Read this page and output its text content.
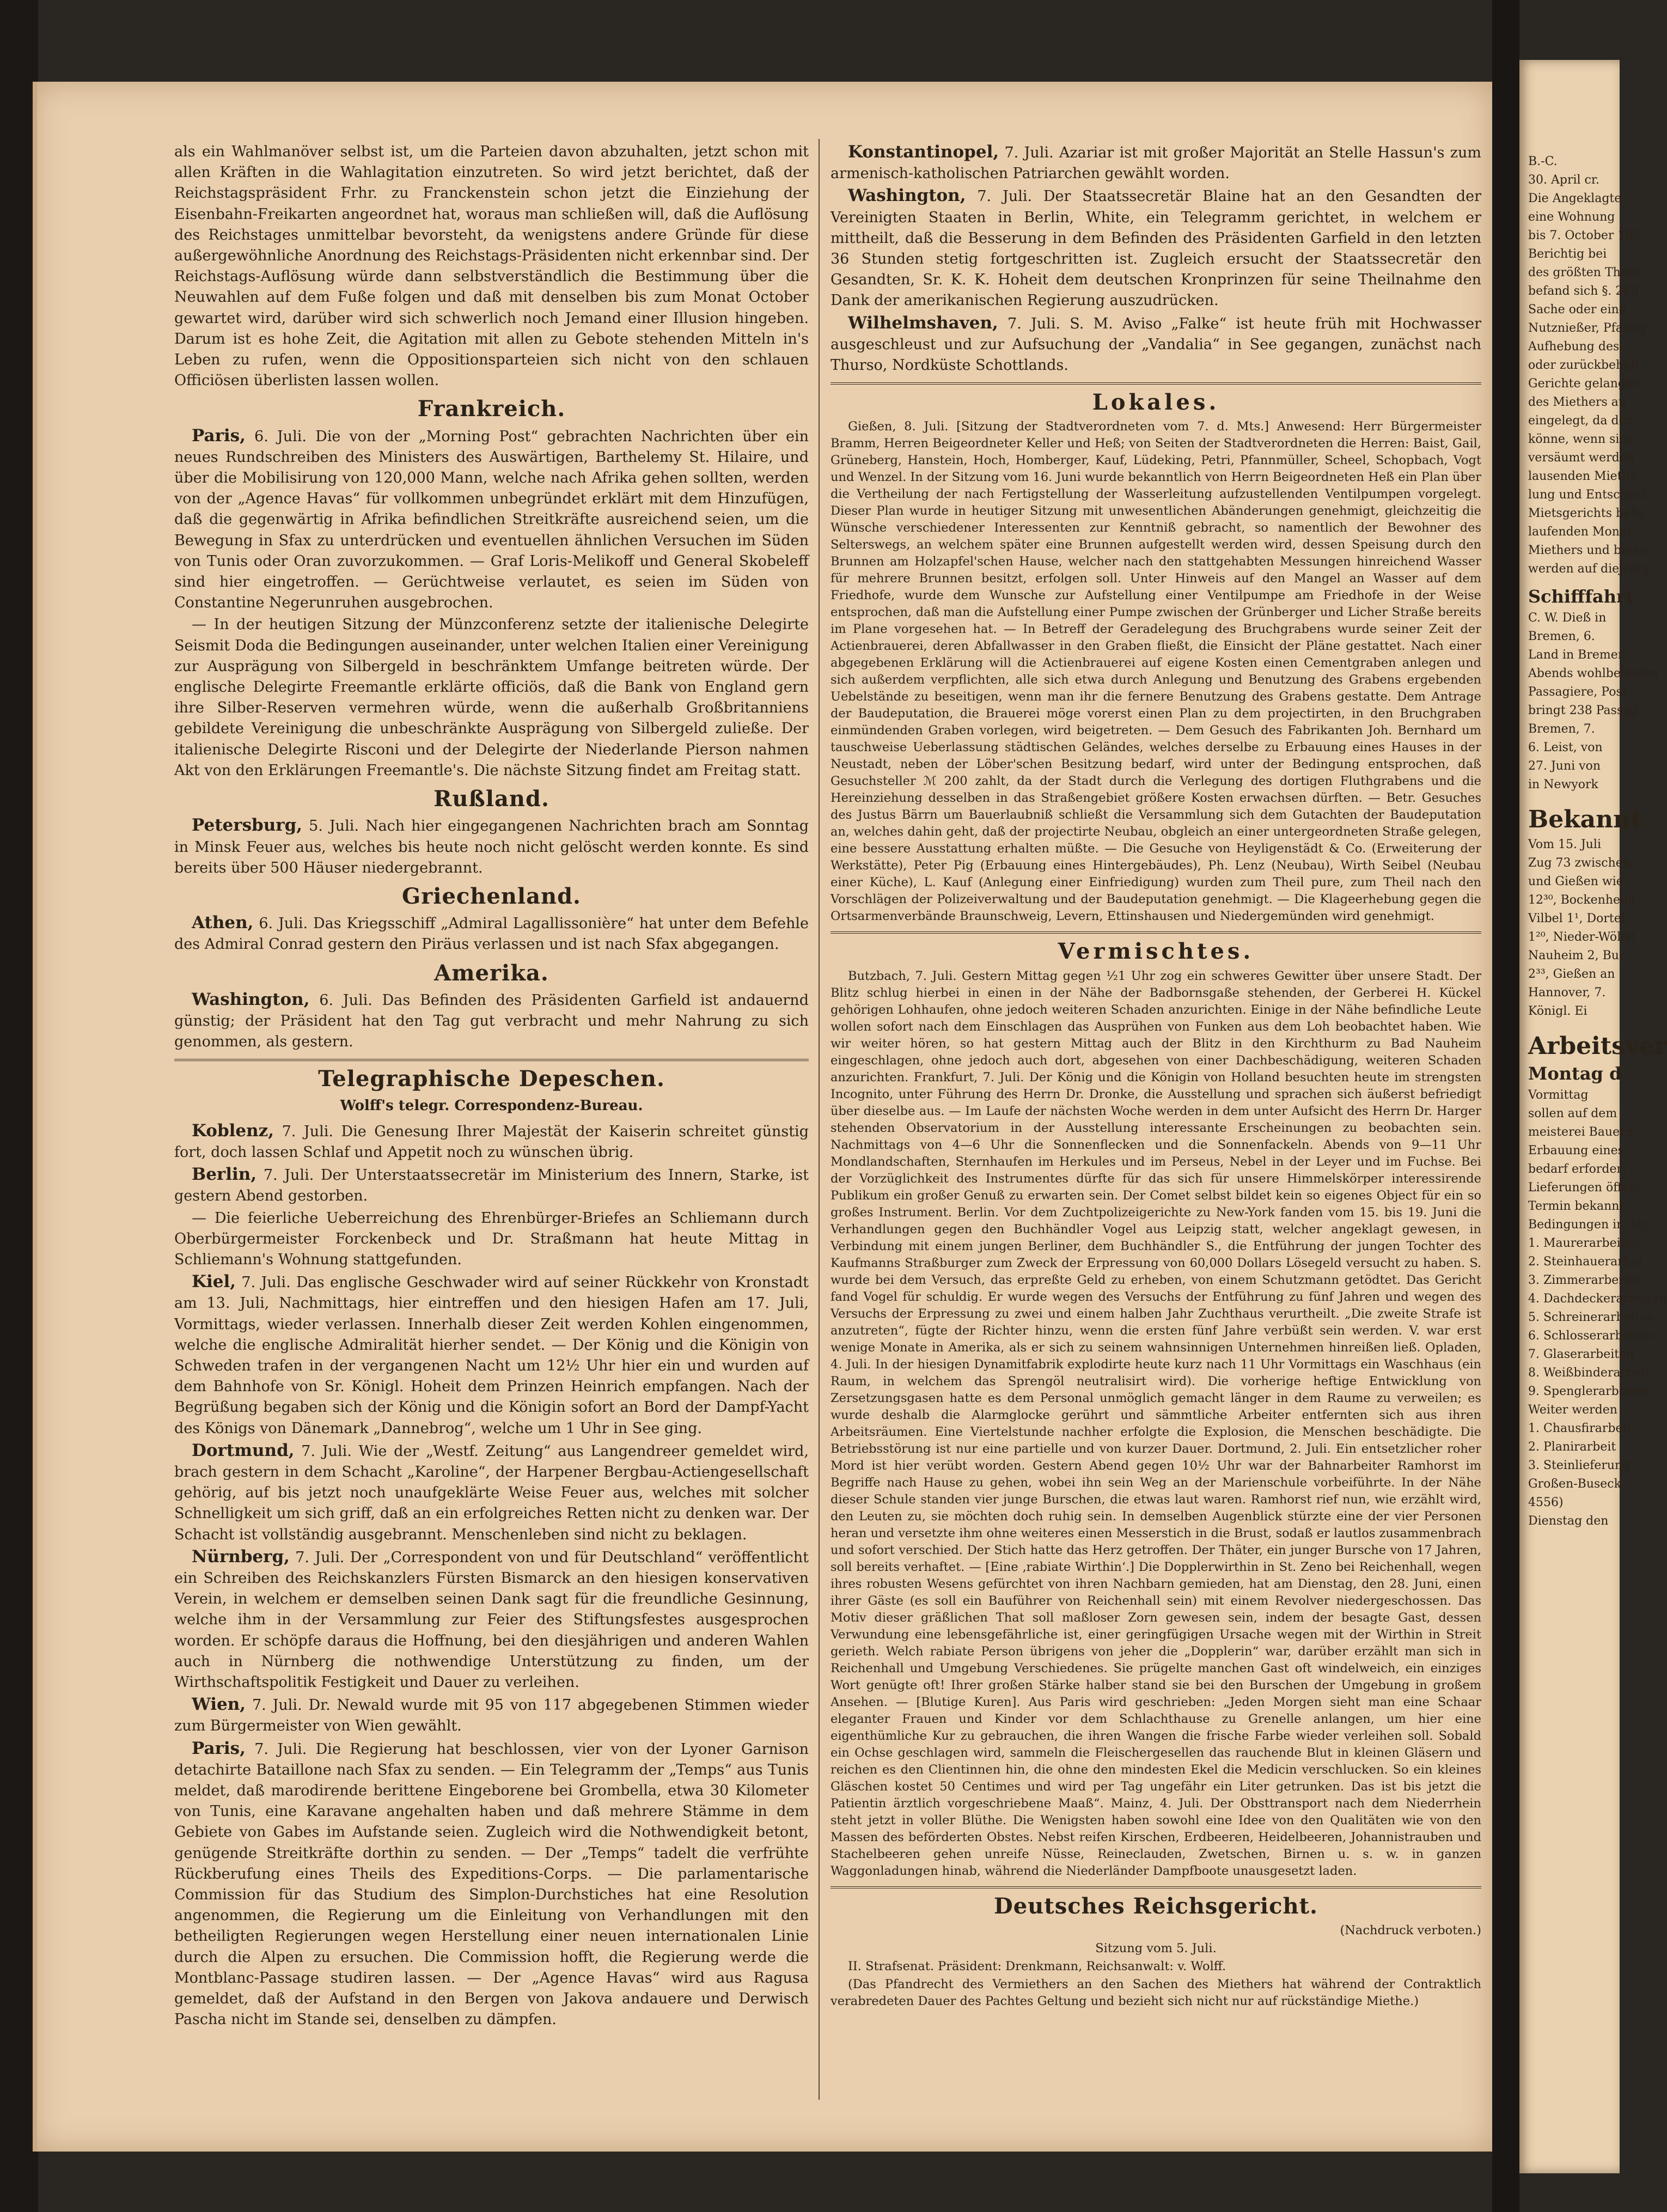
als ein Wahlmanöver selbst ist, um die Parteien davon abzuhalten, jetzt schon mit allen Kräften in die Wahlagitation einzutreten. So wird jetzt berichtet, daß der Reichstagspräsident Frhr. zu Franckenstein schon jetzt die Einziehung der Eisenbahn-Freikarten angeordnet hat, woraus man schließen will, daß die Auflösung des Reichstages unmittelbar bevorsteht, da wenigstens andere Gründe für diese außergewöhnliche Anordnung des Reichstags-Präsidenten nicht erkennbar sind. Der Reichstags-Auflösung würde dann selbstverständlich die Bestimmung über die Neuwahlen auf dem Fuße folgen und daß mit denselben bis zum Monat October gewartet wird, darüber wird sich schwerlich noch Jemand einer Illusion hingeben. Darum ist es hohe Zeit, die Agitation mit allen zu Gebote stehenden Mitteln in's Leben zu rufen, wenn die Oppositionsparteien sich nicht von den schlauen Officiösen überlisten lassen wollen.

Frankreich.

Paris, 6. Juli. Die von der „Morning Post“ gebrachten Nachrichten über ein neues Rundschreiben des Ministers des Auswärtigen, Barthelemy St. Hilaire, und über die Mobilisirung von 120,000 Mann, welche nach Afrika gehen sollten, werden von der „Agence Havas“ für vollkommen unbegründet erklärt mit dem Hinzufügen, daß die gegenwärtig in Afrika befindlichen Streitkräfte ausreichend seien, um die Bewegung in Sfax zu unterdrücken und eventuellen ähnlichen Versuchen im Süden von Tunis oder Oran zuvorzukommen. — Graf Loris-Melikoff und General Skobeleff sind hier eingetroffen. — Gerüchtweise verlautet, es seien im Süden von Constantine Negerunruhen ausgebrochen.

— In der heutigen Sitzung der Münzconferenz setzte der italienische Delegirte Seismit Doda die Bedingungen auseinander, unter welchen Italien einer Vereinigung zur Ausprägung von Silbergeld in beschränktem Umfange beitreten würde. Der englische Delegirte Freemantle erklärte officiös, daß die Bank von England gern ihre Silber-Reserven vermehren würde, wenn die außerhalb Großbritanniens gebildete Vereinigung die unbeschränkte Ausprägung von Silbergeld zuließe. Der italienische Delegirte Risconi und der Delegirte der Niederlande Pierson nahmen Akt von den Erklärungen Freemantle's. Die nächste Sitzung findet am Freitag statt.

Rußland.

Petersburg, 5. Juli. Nach hier eingegangenen Nachrichten brach am Sonntag in Minsk Feuer aus, welches bis heute noch nicht gelöscht werden konnte. Es sind bereits über 500 Häuser niedergebrannt.

Griechenland.

Athen, 6. Juli. Das Kriegsschiff „Admiral Lagallissonière“ hat unter dem Befehle des Admiral Conrad gestern den Piräus verlassen und ist nach Sfax abgegangen.

Amerika.

Washington, 6. Juli. Das Befinden des Präsidenten Garfield ist andauernd günstig; der Präsident hat den Tag gut verbracht und mehr Nahrung zu sich genommen, als gestern.

Telegraphische Depeschen.
Wolff's telegr. Correspondenz-Bureau.

Koblenz, 7. Juli. Die Genesung Ihrer Majestät der Kaiserin schreitet günstig fort, doch lassen Schlaf und Appetit noch zu wünschen übrig.

Berlin, 7. Juli. Der Unterstaatssecretär im Ministerium des Innern, Starke, ist gestern Abend gestorben.

— Die feierliche Ueberreichung des Ehrenbürger-Briefes an Schliemann durch Oberbürgermeister Forckenbeck und Dr. Straßmann hat heute Mittag in Schliemann's Wohnung stattgefunden.

Kiel, 7. Juli. Das englische Geschwader wird auf seiner Rückkehr von Kronstadt am 13. Juli, Nachmittags, hier eintreffen und den hiesigen Hafen am 17. Juli, Vormittags, wieder verlassen. Innerhalb dieser Zeit werden Kohlen eingenommen, welche die englische Admiralität hierher sendet. — Der König und die Königin von Schweden trafen in der vergangenen Nacht um 12½ Uhr hier ein und wurden auf dem Bahnhofe von Sr. Königl. Hoheit dem Prinzen Heinrich empfangen. Nach der Begrüßung begaben sich der König und die Königin sofort an Bord der Dampf-Yacht des Königs von Dänemark „Dannebrog“, welche um 1 Uhr in See ging.

Dortmund, 7. Juli. Wie der „Westf. Zeitung“ aus Langendreer gemeldet wird, brach gestern in dem Schacht „Karoline“, der Harpener Bergbau-Actiengesellschaft gehörig, auf bis jetzt noch unaufgeklärte Weise Feuer aus, welches mit solcher Schnelligkeit um sich griff, daß an ein erfolgreiches Retten nicht zu denken war. Der Schacht ist vollständig ausgebrannt. Menschenleben sind nicht zu beklagen.

Nürnberg, 7. Juli. Der „Correspondent von und für Deutschland“ veröffentlicht ein Schreiben des Reichskanzlers Fürsten Bismarck an den hiesigen konservativen Verein, in welchem er demselben seinen Dank sagt für die freundliche Gesinnung, welche ihm in der Versammlung zur Feier des Stiftungsfestes ausgesprochen worden. Er schöpfe daraus die Hoffnung, bei den diesjährigen und anderen Wahlen auch in Nürnberg die nothwendige Unterstützung zu finden, um der Wirthschaftspolitik Festigkeit und Dauer zu verleihen.

Wien, 7. Juli. Dr. Newald wurde mit 95 von 117 abgegebenen Stimmen wieder zum Bürgermeister von Wien gewählt.

Paris, 7. Juli. Die Regierung hat beschlossen, vier von der Lyoner Garnison detachirte Bataillone nach Sfax zu senden. — Ein Telegramm der „Temps“ aus Tunis meldet, daß marodirende berittene Eingeborene bei Grombella, etwa 30 Kilometer von Tunis, eine Karavane angehalten haben und daß mehrere Stämme in dem Gebiete von Gabes im Aufstande seien. Zugleich wird die Nothwendigkeit betont, genügende Streitkräfte dorthin zu senden. — Der „Temps“ tadelt die verfrühte Rückberufung eines Theils des Expeditions-Corps. — Die parlamentarische Commission für das Studium des Simplon-Durchstiches hat eine Resolution angenommen, die Regierung um die Einleitung von Verhandlungen mit den betheiligten Regierungen wegen Herstellung einer neuen internationalen Linie durch die Alpen zu ersuchen. Die Commission hofft, die Regierung werde die Montblanc-Passage studiren lassen. — Der „Agence Havas“ wird aus Ragusa gemeldet, daß der Aufstand in den Bergen von Jakova andauere und Derwisch Pascha nicht im Stande sei, denselben zu dämpfen.

Konstantinopel, 7. Juli. Azariar ist mit großer Majorität an Stelle Hassun's zum armenisch-katholischen Patriarchen gewählt worden.

Washington, 7. Juli. Der Staatssecretär Blaine hat an den Gesandten der Vereinigten Staaten in Berlin, White, ein Telegramm gerichtet, in welchem er mittheilt, daß die Besserung in dem Befinden des Präsidenten Garfield in den letzten 36 Stunden stetig fortgeschritten ist. Zugleich ersucht der Staatssecretär den Gesandten, Sr. K. K. Hoheit dem deutschen Kronprinzen für seine Theilnahme den Dank der amerikanischen Regierung auszudrücken.

Wilhelmshaven, 7. Juli. S. M. Aviso „Falke“ ist heute früh mit Hochwasser ausgeschleust und zur Aufsuchung der „Vandalia“ in See gegangen, zunächst nach Thurso, Nordküste Schottlands.

Lokales.

Gießen, 8. Juli. [Sitzung der Stadtverordneten vom 7. d. Mts.] Anwesend: Herr Bürgermeister Bramm, Herren Beigeordneter Keller und Heß; von Seiten der Stadtverordneten die Herren: Baist, Gail, Grüneberg, Hanstein, Hoch, Homberger, Kauf, Lüdeking, Petri, Pfannmüller, Scheel, Schopbach, Vogt und Wenzel. In der Sitzung vom 16. Juni wurde bekanntlich von Herrn Beigeordneten Heß ein Plan über die Vertheilung der nach Fertigstellung der Wasserleitung aufzustellenden Ventilpumpen vorgelegt. Dieser Plan wurde in heutiger Sitzung mit unwesentlichen Abänderungen genehmigt, gleichzeitig die Wünsche verschiedener Interessenten zur Kenntniß gebracht, so namentlich der Bewohner des Selterswegs, an welchem später eine Brunnen aufgestellt werden wird, dessen Speisung durch den Brunnen am Holzapfel'schen Hause, welcher nach den stattgehabten Messungen hinreichend Wasser für mehrere Brunnen besitzt, erfolgen soll. Unter Hinweis auf den Mangel an Wasser auf dem Friedhofe, wurde dem Wunsche zur Aufstellung einer Ventilpumpe am Friedhofe in der Weise entsprochen, daß man die Aufstellung einer Pumpe zwischen der Grünberger und Licher Straße bereits im Plane vorgesehen hat. — In Betreff der Geradelegung des Bruchgrabens wurde seiner Zeit der Actienbrauerei, deren Abfallwasser in den Graben fließt, die Einsicht der Pläne gestattet. Nach einer abgegebenen Erklärung will die Actienbrauerei auf eigene Kosten einen Cementgraben anlegen und sich außerdem verpflichten, alle sich etwa durch Anlegung und Benutzung des Grabens ergebenden Uebelstände zu beseitigen, wenn man ihr die fernere Benutzung des Grabens gestatte. Dem Antrage der Baudeputation, die Brauerei möge vorerst einen Plan zu dem projectirten, in den Bruchgraben einmündenden Graben vorlegen, wird beigetreten. — Dem Gesuch des Fabrikanten Joh. Bernhard um tauschweise Ueberlassung städtischen Geländes, welches derselbe zu Erbauung eines Hauses in der Neustadt, neben der Löber'schen Besitzung bedarf, wird unter der Bedingung entsprochen, daß Gesuchsteller ℳ 200 zahlt, da der Stadt durch die Verlegung des dortigen Fluthgrabens und die Hereinziehung desselben in das Straßengebiet größere Kosten erwachsen dürften. — Betr. Gesuches des Justus Bärrn um Bauerlaubniß schließt die Versammlung sich dem Gutachten der Baudeputation an, welches dahin geht, daß der projectirte Neubau, obgleich an einer untergeordneten Straße gelegen, eine bessere Ausstattung erhalten müßte. — Die Gesuche von Heyligenstädt & Co. (Erweiterung der Werkstätte), Peter Pig (Erbauung eines Hintergebäudes), Ph. Lenz (Neubau), Wirth Seibel (Neubau einer Küche), L. Kauf (Anlegung einer Einfriedigung) wurden zum Theil pure, zum Theil nach den Vorschlägen der Polizeiverwaltung und der Baudeputation genehmigt. — Die Klageerhebung gegen die Ortsarmenverbände Braunschweig, Levern, Ettinshausen und Niedergemünden wird genehmigt.

Vermischtes.

Butzbach, 7. Juli. Gestern Mittag gegen ½1 Uhr zog ein schweres Gewitter über unsere Stadt. Der Blitz schlug hierbei in einen in der Nähe der Badbornsgaße stehenden, der Gerberei H. Kückel gehörigen Lohhaufen, ohne jedoch weiteren Schaden anzurichten. Einige in der Nähe befindliche Leute wollen sofort nach dem Einschlagen das Ausprühen von Funken aus dem Loh beobachtet haben. Wie wir weiter hören, so hat gestern Mittag auch der Blitz in den Kirchthurm zu Bad Nauheim eingeschlagen, ohne jedoch auch dort, abgesehen von einer Dachbeschädigung, weiteren Schaden anzurichten. Frankfurt, 7. Juli. Der König und die Königin von Holland besuchten heute im strengsten Incognito, unter Führung des Herrn Dr. Dronke, die Ausstellung und sprachen sich äußerst befriedigt über dieselbe aus. — Im Laufe der nächsten Woche werden in dem unter Aufsicht des Herrn Dr. Harger stehenden Observatorium in der Ausstellung interessante Erscheinungen zu beobachten sein. Nachmittags von 4—6 Uhr die Sonnenflecken und die Sonnenfackeln. Abends von 9—11 Uhr Mondlandschaften, Sternhaufen im Herkules und im Perseus, Nebel in der Leyer und im Fuchse. Bei der Vorzüglichkeit des Instrumentes dürfte für das sich für unsere Himmelskörper interessirende Publikum ein großer Genuß zu erwarten sein. Der Comet selbst bildet kein so eigenes Object für ein so großes Instrument. Berlin. Vor dem Zuchtpolizeigerichte zu New-York fanden vom 15. bis 19. Juni die Verhandlungen gegen den Buchhändler Vogel aus Leipzig statt, welcher angeklagt gewesen, in Verbindung mit einem jungen Berliner, dem Buchhändler S., die Entführung der jungen Tochter des Kaufmanns Straßburger zum Zweck der Erpressung von 60,000 Dollars Lösegeld versucht zu haben. S. wurde bei dem Versuch, das erpreßte Geld zu erheben, von einem Schutzmann getödtet. Das Gericht fand Vogel für schuldig. Er wurde wegen des Versuchs der Entführung zu fünf Jahren und wegen des Versuchs der Erpressung zu zwei und einem halben Jahr Zuchthaus verurtheilt. „Die zweite Strafe ist anzutreten“, fügte der Richter hinzu, wenn die ersten fünf Jahre verbüßt sein werden. V. war erst wenige Monate in Amerika, als er sich zu seinem wahnsinnigen Unternehmen hinreißen ließ. Opladen, 4. Juli. In der hiesigen Dynamitfabrik explodirte heute kurz nach 11 Uhr Vormittags ein Waschhaus (ein Raum, in welchem das Sprengöl neutralisirt wird). Die vorherige heftige Entwicklung von Zersetzungsgasen hatte es dem Personal unmöglich gemacht länger in dem Raume zu verweilen; es wurde deshalb die Alarmglocke gerührt und sämmtliche Arbeiter entfernten sich aus ihren Arbeitsräumen. Eine Viertelstunde nachher erfolgte die Explosion, die Menschen beschädigte. Die Betriebsstörung ist nur eine partielle und von kurzer Dauer. Dortmund, 2. Juli. Ein entsetzlicher roher Mord ist hier verübt worden. Gestern Abend gegen 10½ Uhr war der Bahnarbeiter Ramhorst im Begriffe nach Hause zu gehen, wobei ihn sein Weg an der Marienschule vorbeiführte. In der Nähe dieser Schule standen vier junge Burschen, die etwas laut waren. Ramhorst rief nun, wie erzählt wird, den Leuten zu, sie möchten doch ruhig sein. In demselben Augenblick stürzte eine der vier Personen heran und versetzte ihm ohne weiteres einen Messerstich in die Brust, sodaß er lautlos zusammenbrach und sofort verschied. Der Stich hatte das Herz getroffen. Der Thäter, ein junger Bursche von 17 Jahren, soll bereits verhaftet. — [Eine ‚rabiate Wirthin‘.] Die Dopplerwirthin in St. Zeno bei Reichenhall, wegen ihres robusten Wesens gefürchtet von ihren Nachbarn gemieden, hat am Dienstag, den 28. Juni, einen ihrer Gäste (es soll ein Bauführer von Reichenhall sein) mit einem Revolver niedergeschossen. Das Motiv dieser gräßlichen That soll maßloser Zorn gewesen sein, indem der besagte Gast, dessen Verwundung eine lebensgefährliche ist, einer geringfügigen Ursache wegen mit der Wirthin in Streit gerieth. Welch rabiate Person übrigens von jeher die „Dopplerin“ war, darüber erzählt man sich in Reichenhall und Umgebung Verschiedenes. Sie prügelte manchen Gast oft windelweich, ein einziges Wort genügte oft! Ihrer großen Stärke halber stand sie bei den Burschen der Umgebung in großem Ansehen. — [Blutige Kuren]. Aus Paris wird geschrieben: „Jeden Morgen sieht man eine Schaar eleganter Frauen und Kinder vor dem Schlachthause zu Grenelle anlangen, um hier eine eigenthümliche Kur zu gebrauchen, die ihren Wangen die frische Farbe wieder verleihen soll. Sobald ein Ochse geschlagen wird, sammeln die Fleischergesellen das rauchende Blut in kleinen Gläsern und reichen es den Clientinnen hin, die ohne den mindesten Ekel die Medicin verschlucken. So ein kleines Gläschen kostet 50 Centimes und wird per Tag ungefähr ein Liter getrunken. Das ist bis jetzt die Patientin ärztlich vorgeschriebene Maaß“. Mainz, 4. Juli. Der Obsttransport nach dem Niederrhein steht jetzt in voller Blüthe. Die Wenigsten haben sowohl eine Idee von den Qualitäten wie von den Massen des beförderten Obstes. Nebst reifen Kirschen, Erdbeeren, Heidelbeeren, Johannistrauben und Stachelbeeren gehen unreife Nüsse, Reineclauden, Zwetschen, Birnen u. s. w. in ganzen Waggonladungen hinab, während die Niederländer Dampfboote unausgesetzt laden.

Deutsches Reichsgericht.

(Nachdruck verboten.)

Sitzung vom 5. Juli.

II. Strafsenat. Präsident: Drenkmann, Reichsanwalt: v. Wolff.

(Das Pfandrecht des Vermiethers an den Sachen des Miethers hat während der Contraktlich verabredeten Dauer des Pachtes Geltung und bezieht sich nicht nur auf rückständige Miethe.)

B.-C.
30. April cr.
Die Angeklagte
eine Wohnung
bis 7. October 188
Berichtig bei
des größten Theils
befand sich §. 289
Sache oder eine
Nutznießer, Pfandg
Aufhebung des
oder zurückbehalt
Gerichte gelangte
des Miethers au
eingelegt, da der
könne, wenn sich
versäumt werden
lausenden Miethe
lung und Entscheid
Mietsgerichts behe
laufenden Monat
Miethers und besto
werden auf diejenig
Schifffahrt
C. W. Dieß in
Bremen, 6.
Land in Bremen,
Abends wohlbehalten
Passagiere, Post
bringt 238 Passag
Bremen, 7.
6. Leist, von
27. Juni von
in Newyork
Bekannt
Vom 15. Juli
Zug 73 zwischen
und Gießen wie
12³⁰, Bockenheim
Vilbel 1¹, Dortel
1²⁰, Nieder-Wöllst
Nauheim 2, Bu
2³³, Gießen an
Hannover, 7.
Königl. Ei
Arbeitsver
Montag d
Vormittag
sollen auf dem
meisterei Bauern
Erbauung eines
bedarf erforderl
Lieferungen öffent
Termin bekannt
Bedingungen in Acc
1. Maurerarbeiten
2. Steinhauerarbei
3. Zimmerarbeiten
4. Dachdeckerarbeiten
5. Schreinerarbeiten
6. Schlosserarbeiten
7. Glaserarbeiten
8. Weißbinderarbeit
9. Spenglerarbeiten
Weiter werden
1. Chausfirarbeit
2. Planirarbeit
3. Steinlieferung
Großen-Buseck
4556)
Dienstag den
